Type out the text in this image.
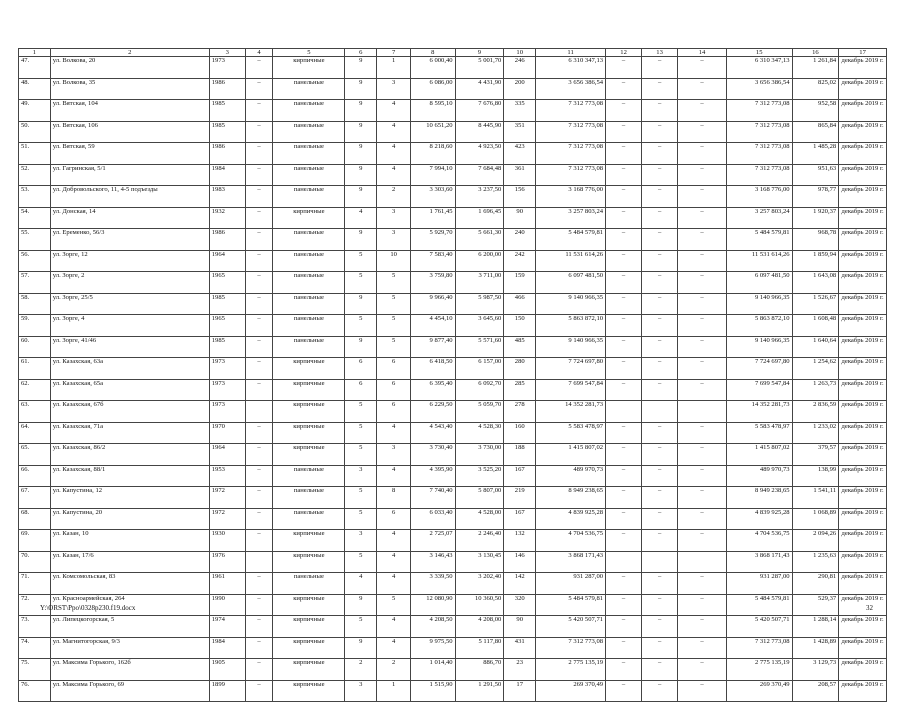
1	2	3	4	5	6	7	8	9	10	11	12	13	14	15	16	17
47.	ул. Волкова, 20	1973	–	кирпичные	9	1	6 000,40	5 001,70	246	6 310 347,13	–	–	–	6 310 347,13	1 261,84	декабрь 2019 г.
48.	ул. Волкова, 35	1986	–	панельные	9	3	6 086,00	4 431,90	200	3 656 386,54	–	–	–	3 656 386,54	825,02	декабрь 2019 г.
49.	ул. Вятская, 104	1985	–	панельные	9	4	8 595,10	7 676,80	335	7 312 773,08	–	–	–	7 312 773,08	952,58	декабрь 2019 г.
50.	ул. Вятская, 106	1985	–	панельные	9	4	10 651,20	8 445,90	351	7 312 773,08	–	–	–	7 312 773,08	865,84	декабрь 2019 г.
51.	ул. Вятская, 59	1986	–	панельные	9	4	8 218,60	4 923,50	423	7 312 773,08	–	–	–	7 312 773,08	1 485,28	декабрь 2019 г.
52.	ул. Гагринская, 5/1	1984	–	панельные	9	4	7 994,10	7 684,48	361	7 312 773,08	–	–	–	7 312 773,08	951,63	декабрь 2019 г.
53.	ул. Добровольского, 11, 4-5 подъезды	1983	–	панельные	9	2	3 303,60	3 237,50	156	3 168 776,00	–	–	–	3 168 776,00	978,77	декабрь 2019 г.
54.	ул. Донская, 14	1932	–	кирпичные	4	3	1 761,45	1 696,45	90	3 257 803,24	–	–	–	3 257 803,24	1 920,37	декабрь 2019 г.
55.	ул. Еременко, 56/3	1986	–	панельные	9	3	5 929,70	5 661,30	240	5 484 579,81	–	–	–	5 484 579,81	968,78	декабрь 2019 г.
56.	ул. Зорге, 12	1964	–	панельные	5	10	7 583,40	6 200,00	242	11 531 614,26	–	–	–	11 531 614,26	1 859,94	декабрь 2019 г.
57.	ул. Зорге, 2	1965	–	панельные	5	5	3 759,80	3 711,00	159	6 097 481,50	–	–	–	6 097 481,50	1 643,08	декабрь 2019 г.
58.	ул. Зорге, 25/5	1985	–	панельные	9	5	9 966,40	5 987,50	466	9 140 966,35	–	–	–	9 140 966,35	1 526,67	декабрь 2019 г.
59.	ул. Зорге, 4	1965	–	панельные	5	5	4 454,10	3 645,60	150	5 863 872,10	–	–	–	5 863 872,10	1 608,48	декабрь 2019 г.
60.	ул. Зорге, 41/46	1985	–	панельные	9	5	9 877,40	5 571,60	485	9 140 966,35	–	–	–	9 140 966,35	1 640,64	декабрь 2019 г.
61.	ул. Казахская, 63а	1973	–	кирпичные	6	6	6 418,50	6 157,00	280	7 724 697,80	–	–	–	7 724 697,80	1 254,62	декабрь 2019 г.
62.	ул. Казахская, 65а	1973	–	кирпичные	6	6	6 395,40	6 092,70	285	7 699 547,84	–	–	–	7 699 547,84	1 263,73	декабрь 2019 г.
63.	ул. Казахская, 67б	1973		кирпичные	5	6	6 229,50	5 059,70	278	14 352 281,73				14 352 281,73	2 836,59	декабрь 2019 г.
64.	ул. Казахская, 71а	1970	–	кирпичные	5	4	4 543,40	4 528,30	160	5 583 478,97	–	–	–	5 583 478,97	1 233,02	декабрь 2019 г.
65.	ул. Казахская, 86/2	1964	–	кирпичные	5	3	3 730,40	3 730,00	188	1 415 807,02	–	–	–	1 415 807,02	379,57	декабрь 2019 г.
66.	ул. Казахская, 88/1	1953	–	панельные	3	4	4 395,90	3 525,20	167	489 970,73	–	–	–	489 970,73	138,99	декабрь 2019 г.
67.	ул. Капустина, 12	1972	–	панельные	5	8	7 740,40	5 807,00	219	8 949 238,65	–	–	–	8 949 238,65	1 541,11	декабрь 2019 г.
68.	ул. Капустина, 20	1972	–	панельные	5	6	6 033,40	4 528,00	167	4 839 925,28	–	–	–	4 839 925,28	1 068,89	декабрь 2019 г.
69.	ул. Казан, 10	1930	–	кирпичные	3	4	2 725,07	2 246,40	132	4 704 536,75	–	–	–	4 704 536,75	2 094,26	декабрь 2019 г.
70.	ул. Казан, 17/6	1976		кирпичные	5	4	3 146,43	3 130,45	146	3 868 171,43				3 868 171,43	1 235,63	декабрь 2019 г.
71.	ул. Комсомольская, 83	1961	–	панельные	4	4	3 339,50	3 202,40	142	931 287,00	–	–	–	931 287,00	290,81	декабрь 2019 г.
72.	ул. Красноармейская, 264	1990	–	кирпичные	9	5	12 080,90	10 360,50	320	5 484 579,81	–	–	–	5 484 579,81	529,37	декабрь 2019 г.
73.	ул. Липецкогорская, 5	1974	–	кирпичные	5	4	4 208,50	4 208,00	90	5 420 507,71	–	–	–	5 420 507,71	1 288,14	декабрь 2019 г.
74.	ул. Магнитогорская, 9/3	1984	–	кирпичные	9	4	9 975,50	5 117,80	431	7 312 773,08	–	–	–	7 312 773,08	1 428,89	декабрь 2019 г.
75.	ул. Максима Горького, 162б	1905	–	кирпичные	2	2	1 014,40	886,70	23	2 775 135,19	–	–	–	2 775 135,19	3 129,73	декабрь 2019 г.
76.	ул. Максима Горького, 69	1899	–	кирпичные	3	1	1 515,90	1 291,50	17	269 370,49	–	–	–	269 370,49	208,57	декабрь 2019 г.
Y:\ORST\Ppo\0328p230.f19.docx	32
